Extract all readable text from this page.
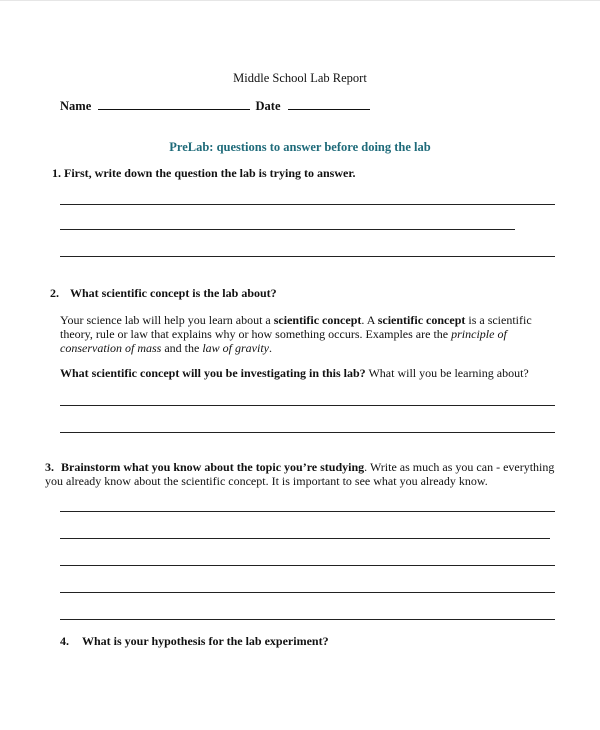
Middle School Lab Report
Name	Date
PreLab: questions to answer before doing the lab
1. First, write down the question the lab is trying to answer.
2. What scientific concept is the lab about?
Your science lab will help you learn about a scientific concept. A scientific concept is a scientific theory, rule or law that explains why or how something occurs. Examples are the principle of conservation of mass and the law of gravity.
What scientific concept will you be investigating in this lab? What will you be learning about?
3. Brainstorm what you know about the topic you’re studying. Write as much as you can - everything
you already know about the scientific concept. It is important to see what you already know.
4. What is your hypothesis for the lab experiment?
